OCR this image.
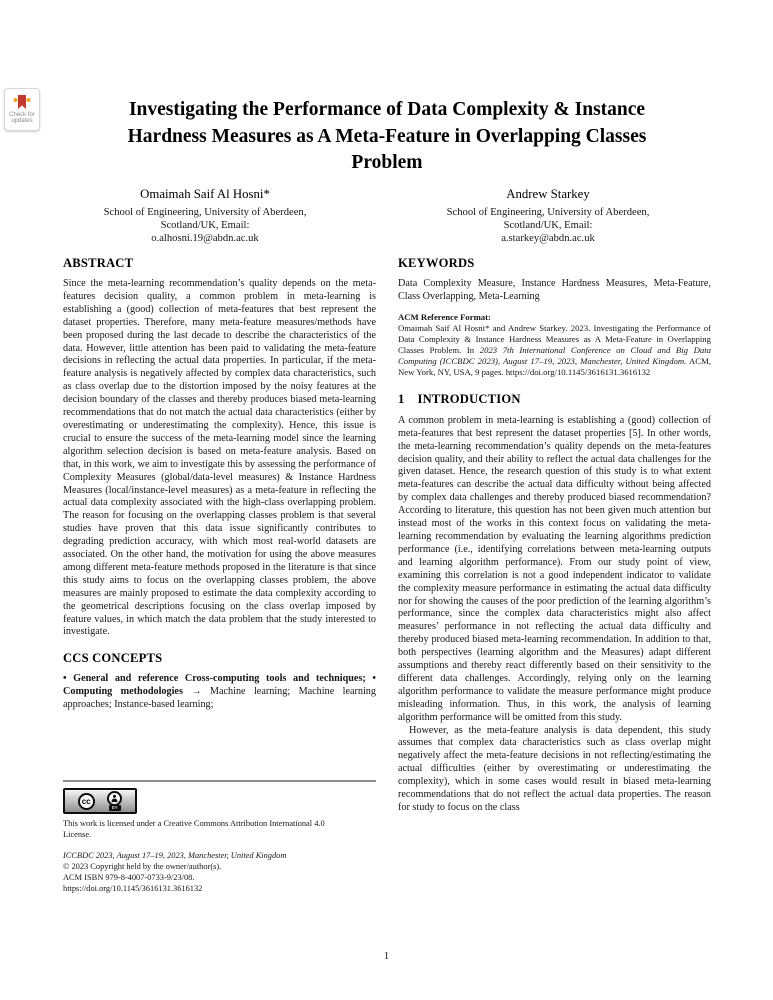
Check for updates
Investigating the Performance of Data Complexity & Instance
Hardness Measures as A Meta-Feature in Overlapping Classes
Problem
Omaimah Saif Al Hosni*
School of Engineering, University of Aberdeen,
Scotland/UK, Email:
o.alhosni.19@abdn.ac.uk
Andrew Starkey
School of Engineering, University of Aberdeen,
Scotland/UK, Email:
a.starkey@abdn.ac.uk
ABSTRACT

Since the meta-learning recommendation’s quality depends on the meta-features decision quality, a common problem in meta-learning is establishing a (good) collection of meta-features that best represent the dataset properties. Therefore, many meta-feature measures/methods have been proposed during the last decade to describe the characteristics of the data. However, little attention has been paid to validating the meta-feature decisions in reflecting the actual data properties. In particular, if the meta-feature analysis is negatively affected by complex data characteristics, such as class overlap due to the distortion imposed by the noisy features at the decision boundary of the classes and thereby produces biased meta-learning recommendations that do not match the actual data characteristics (either by overestimating or underestimating the complexity). Hence, this issue is crucial to ensure the success of the meta-learning model since the learning algorithm selection decision is based on meta-feature analysis. Based on that, in this work, we aim to investigate this by assessing the performance of Complexity Measures (global/data-level measures) & Instance Hardness Measures (local/instance-level measures) as a meta-feature in reflecting the actual data complexity associated with the high-class overlapping problem. The reason for focusing on the overlapping classes problem is that several studies have proven that this data issue significantly contributes to degrading prediction accuracy, with which most real-world datasets are associated. On the other hand, the motivation for using the above measures among different meta-feature methods proposed in the literature is that since this study aims to focus on the overlapping classes problem, the above measures are mainly proposed to estimate the data complexity according to the geometrical descriptions focusing on the class overlap imposed by feature values, in which match the data problem that the study interested to investigate.

CCS CONCEPTS

• General and reference Cross-computing tools and techniques; • Computing methodologies → Machine learning; Machine learning approaches; Instance-based learning;

cc
BY

This work is licensed under a Creative Commons Attribution International 4.0 License.

ICCBDC 2023, August 17–19, 2023, Manchester, United Kingdom

© 2023 Copyright held by the owner/author(s).

ACM ISBN 979-8-4007-0733-9/23/08.

https://doi.org/10.1145/3616131.3616132

KEYWORDS

Data Complexity Measure, Instance Hardness Measures, Meta-Feature, Class Overlapping, Meta-Learning

ACM Reference Format:

Omaimah Saif Al Hosni* and Andrew Starkey. 2023. Investigating the Performance of Data Complexity & Instance Hardness Measures as A Meta-Feature in Overlapping Classes Problem. In 2023 7th International Conference on Cloud and Big Data Computing (ICCBDC 2023), August 17–19, 2023, Manchester, United Kingdom. ACM, New York, NY, USA, 9 pages. https://doi.org/10.1145/3616131.3616132

1 INTRODUCTION

A common problem in meta-learning is establishing a (good) collection of meta-features that best represent the dataset properties [5]. In other words, the meta-learning recommendation’s quality depends on the meta-features decision quality, and their ability to reflect the actual data challenges for the given dataset. Hence, the research question of this study is to what extent meta-features can describe the actual data difficulty without being affected by complex data challenges and thereby produced biased recommendation? According to literature, this question has not been given much attention but instead most of the works in this context focus on validating the meta-learning recommendation by evaluating the learning algorithms prediction performance (i.e., identifying correlations between meta-learning outputs and learning algorithm performance). From our study point of view, examining this correlation is not a good independent indicator to validate the complexity measure performance in estimating the actual data difficulty nor for showing the causes of the poor prediction of the learning algorithm’s performance, since the complex data characteristics might also affect measures’ performance in not reflecting the actual data difficulty and thereby produced biased meta-learning recommendation. In addition to that, both perspectives (learning algorithm and the Measures) adapt different assumptions and thereby react differently based on their sensitivity to the different data challenges. Accordingly, relying only on the learning algorithm performance to validate the measure performance might produce misleading information. Thus, in this work, the analysis of learning algorithm performance will be omitted from this study.

However, as the meta-feature analysis is data dependent, this study assumes that complex data characteristics such as class overlap might negatively affect the meta-feature decisions in not reflecting/estimating the actual difficulties (either by overestimating or underestimating the complexity), which in some cases would result in biased meta-learning recommendations that do not reflect the actual data properties. The reason for study to focus on the class

1
